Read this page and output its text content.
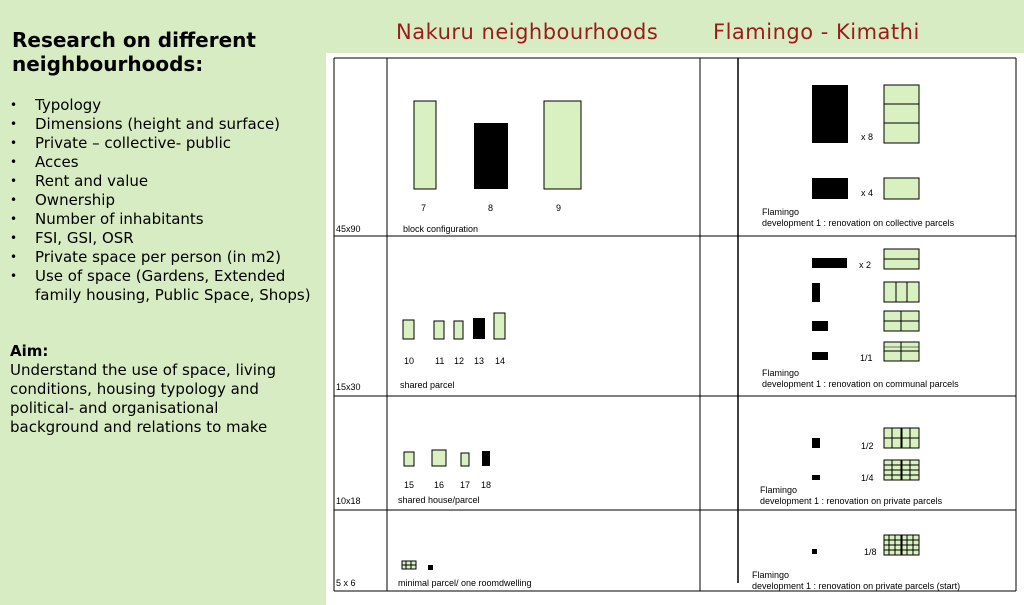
Research on different neighbourhoods:
• Typology
• Dimensions (height and surface)
• Private – collective- public
• Acces
• Rent and value
• Ownership
• Number of inhabitants
• FSI, GSI, OSR
• Private space per person (in m2)
• Use of space (Gardens, Extended family housing, Public Space, Shops)

Aim:

Understand the use of space, living conditions, housing typology and political- and organisational background and relations to make

Nakuru neighbourhoods	Flamingo - Kimathi
45x90	block configuration
7	8	9
x 8
x 4
Flamingo
development 1 : renovation on collective parcels
15x30	shared parcel
10 11 12 13 14
x 2
1/1
Flamingo
development 1 : renovation on communal parcels
10x18	shared house/parcel
15 16 17 18
1/2
1/4
Flamingo
development 1 : renovation on private parcels
5 x 6	minimal parcel/ one roomdwelling
1/8
Flamingo
development 1 : renovation on private parcels (start)
